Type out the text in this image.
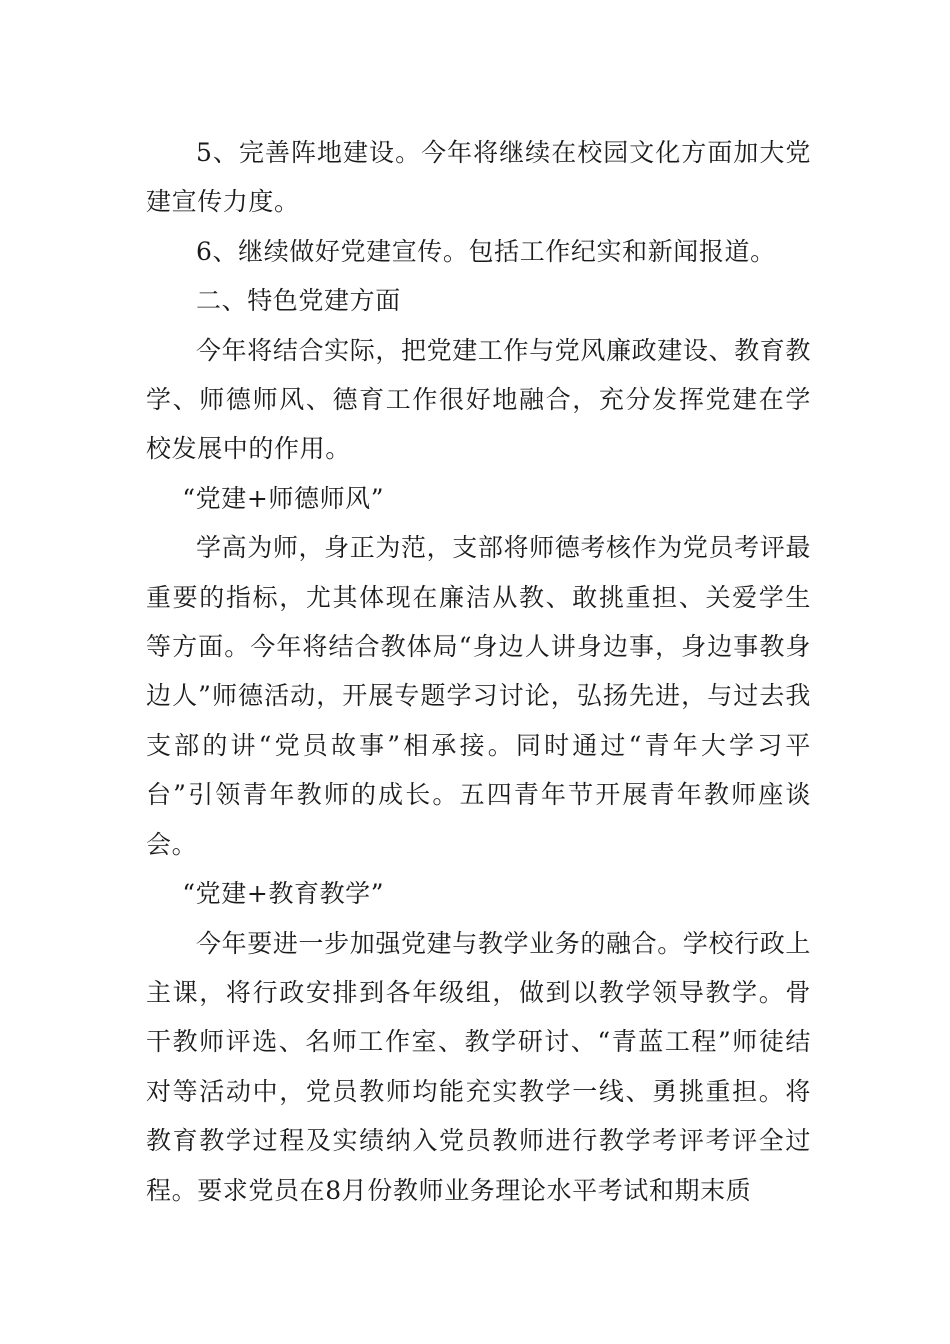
5、完善阵地建设。今年将继续在校园文化方面加大党建宣传力度。

6、继续做好党建宣传。包括工作纪实和新闻报道。

二、特色党建方面

今年将结合实际，把党建工作与党风廉政建设、教育教学、师德师风、德育工作很好地融合，充分发挥党建在学校发展中的作用。

“党建+师德师风”

学高为师，身正为范，支部将师德考核作为党员考评最重要的指标，尤其体现在廉洁从教、敢挑重担、关爱学生等方面。今年将结合教体局“身边人讲身边事，身边事教身边人”师德活动，开展专题学习讨论，弘扬先进，与过去我支部的讲“党员故事”相承接。同时通过“青年大学习平台”引领青年教师的成长。五四青年节开展青年教师座谈会。

“党建+教育教学”

今年要进一步加强党建与教学业务的融合。学校行政上主课，将行政安排到各年级组，做到以教学领导教学。骨干教师评选、名师工作室、教学研讨、“青蓝工程”师徒结对等活动中，党员教师均能充实教学一线、勇挑重担。将教育教学过程及实绩纳入党员教师进行教学考评考评全过程。要求党员在8月份教师业务理论水平考试和期末质
